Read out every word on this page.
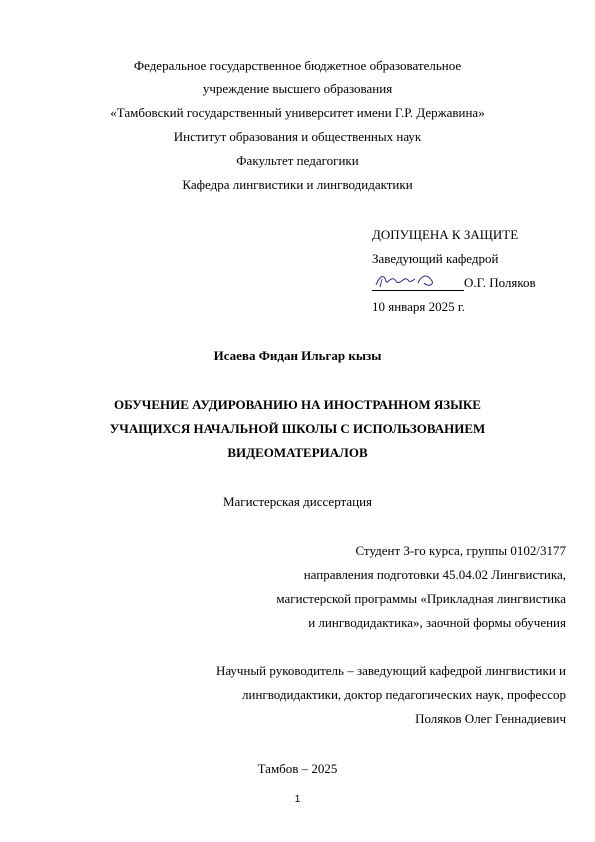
Федеральное государственное бюджетное образовательное
учреждение высшего образования
«Тамбовский государственный университет имени Г.Р. Державина»
Институт образования и общественных наук
Факультет педагогики
Кафедра лингвистики и лингводидактики
ДОПУЩЕНА К ЗАЩИТЕ
Заведующий кафедрой
О.Г. Поляков
10 января 2025 г.
Исаева Фидан Ильгар кызы
ОБУЧЕНИЕ АУДИРОВАНИЮ НА ИНОСТРАННОМ ЯЗЫКЕ
УЧАЩИХСЯ НАЧАЛЬНОЙ ШКОЛЫ С ИСПОЛЬЗОВАНИЕМ
ВИДЕОМАТЕРИАЛОВ
Магистерская диссертация
Студент 3-го курса, группы 0102/3177
направления подготовки 45.04.02 Лингвистика,
магистерской программы «Прикладная лингвистика
и лингводидактика», заочной формы обучения
Научный руководитель – заведующий кафедрой лингвистики и
лингводидактики, доктор педагогических наук, профессор
Поляков Олег Геннадиевич
Тамбов – 2025
1
